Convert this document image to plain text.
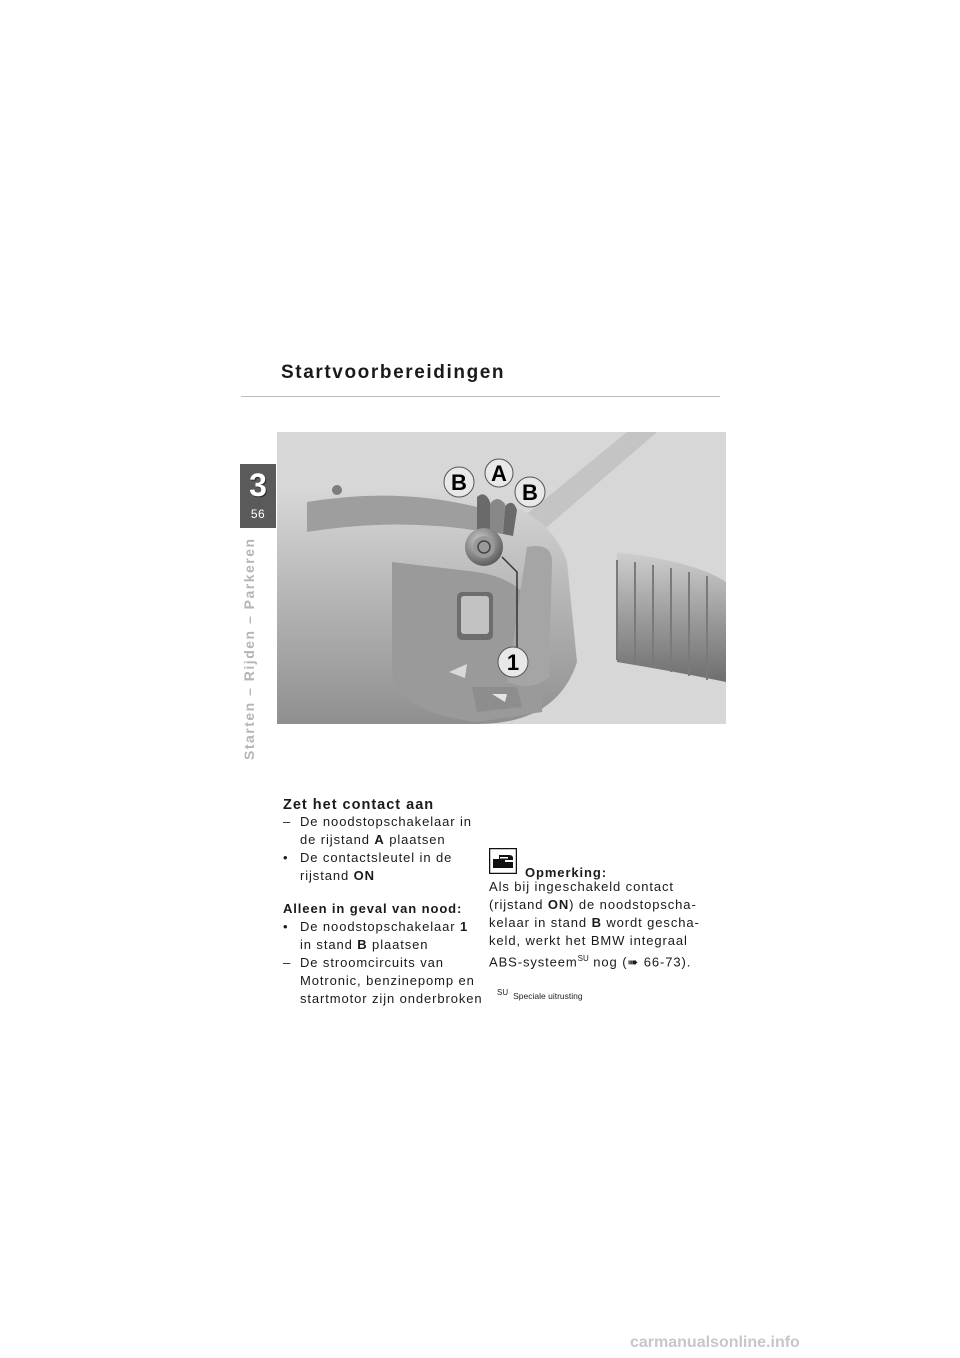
Startvoorbereidingen
3
56
Starten – Rijden – Parkeren
B A
B
1
Zet het contact aan
– De noodstopschakelaar in de rijstand A plaatsen
• De contactsleutel in de rijstand ON
Alleen in geval van nood:
• De noodstopschakelaar 1 in stand B plaatsen
– De stroomcircuits van Motronic, benzinepomp en startmotor zijn onderbroken
Opmerking:
Als bij ingeschakeld contact (rijstand ON) de noodstopschakelaar in stand B wordt geschakeld, werkt het BMW integraal ABS-systeem$^{SU}$ nog (➠ 66-73).
$^{SU}$ Speciale uitrusting
carmanualsonline.info
